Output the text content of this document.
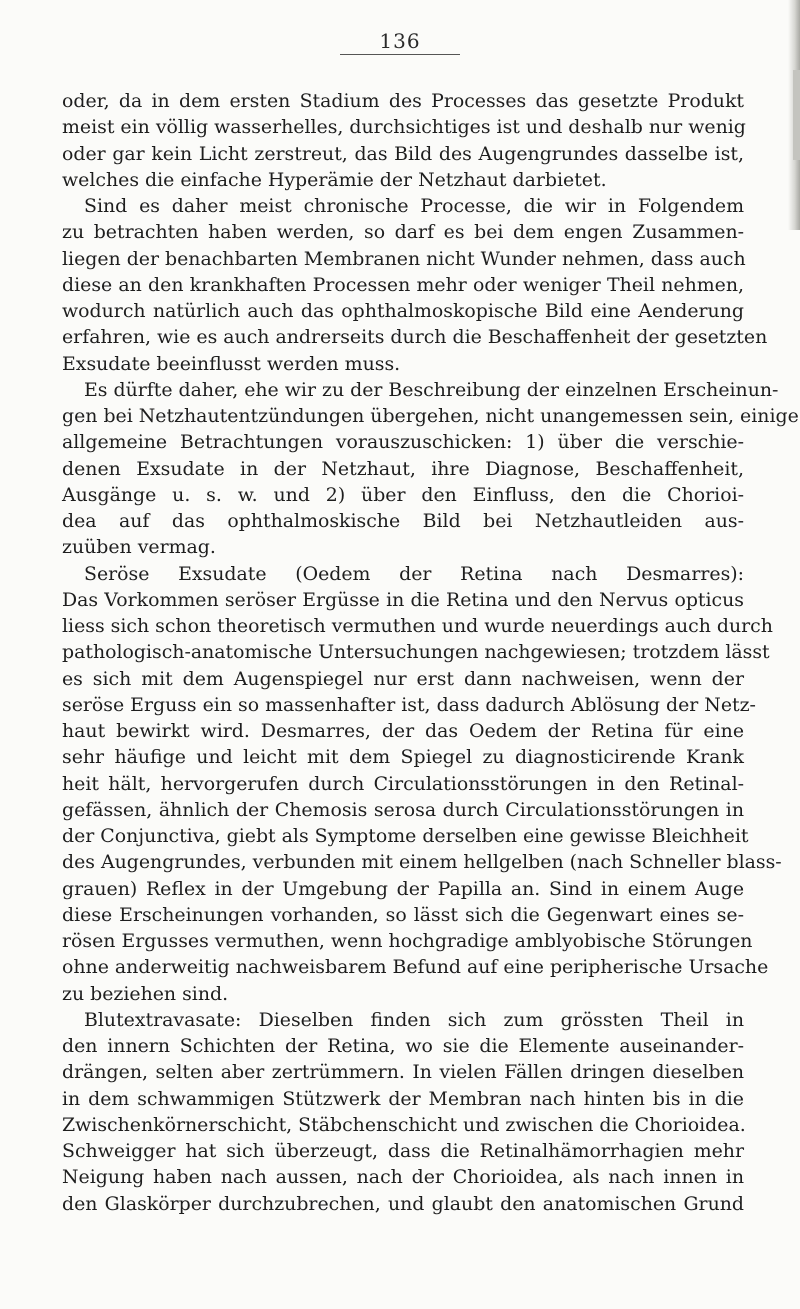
136
oder, da in dem ersten Stadium des Processes das gesetzte Produkt
meist ein völlig wasserhelles, durchsichtiges ist und deshalb nur wenig
oder gar kein Licht zerstreut, das Bild des Augengrundes dasselbe ist,
welches die einfache Hyperämie der Netzhaut darbietet.
Sind es daher meist chronische Processe, die wir in Folgendem
zu betrachten haben werden, so darf es bei dem engen Zusammen-
liegen der benachbarten Membranen nicht Wunder nehmen, dass auch
diese an den krankhaften Processen mehr oder weniger Theil nehmen,
wodurch natürlich auch das ophthalmoskopische Bild eine Aenderung
erfahren, wie es auch andrerseits durch die Beschaffenheit der gesetzten
Exsudate beeinflusst werden muss.
Es dürfte daher, ehe wir zu der Beschreibung der einzelnen Erscheinun-
gen bei Netzhautentzündungen übergehen, nicht unangemessen sein, einige
allgemeine Betrachtungen vorauszuschicken: 1) über die verschie-
denen Exsudate in der Netzhaut, ihre Diagnose, Beschaffenheit,
Ausgänge u. s. w. und 2) über den Einfluss, den die Chorioi-
dea auf das ophthalmoskische Bild bei Netzhautleiden aus-
zuüben vermag.
Seröse Exsudate (Oedem der Retina nach Desmarres):
Das Vorkommen seröser Ergüsse in die Retina und den Nervus opticus
liess sich schon theoretisch vermuthen und wurde neuerdings auch durch
pathologisch-anatomische Untersuchungen nachgewiesen; trotzdem lässt
es sich mit dem Augenspiegel nur erst dann nachweisen, wenn der
seröse Erguss ein so massenhafter ist, dass dadurch Ablösung der Netz-
haut bewirkt wird. Desmarres, der das Oedem der Retina für eine
sehr häufige und leicht mit dem Spiegel zu diagnosticirende Krank
heit hält, hervorgerufen durch Circulationsstörungen in den Retinal-
gefässen, ähnlich der Chemosis serosa durch Circulationsstörungen in
der Conjunctiva, giebt als Symptome derselben eine gewisse Bleichheit
des Augengrundes, verbunden mit einem hellgelben (nach Schneller blass-
grauen) Reflex in der Umgebung der Papilla an. Sind in einem Auge
diese Erscheinungen vorhanden, so lässt sich die Gegenwart eines se-
rösen Ergusses vermuthen, wenn hochgradige amblyobische Störungen
ohne anderweitig nachweisbarem Befund auf eine peripherische Ursache
zu beziehen sind.
Blutextravasate: Dieselben finden sich zum grössten Theil in
den innern Schichten der Retina, wo sie die Elemente auseinander-
drängen, selten aber zertrümmern. In vielen Fällen dringen dieselben
in dem schwammigen Stützwerk der Membran nach hinten bis in die
Zwischenkörnerschicht, Stäbchenschicht und zwischen die Chorioidea.
Schweigger hat sich überzeugt, dass die Retinalhämorrhagien mehr
Neigung haben nach aussen, nach der Chorioidea, als nach innen in
den Glaskörper durchzubrechen, und glaubt den anatomischen Grund
